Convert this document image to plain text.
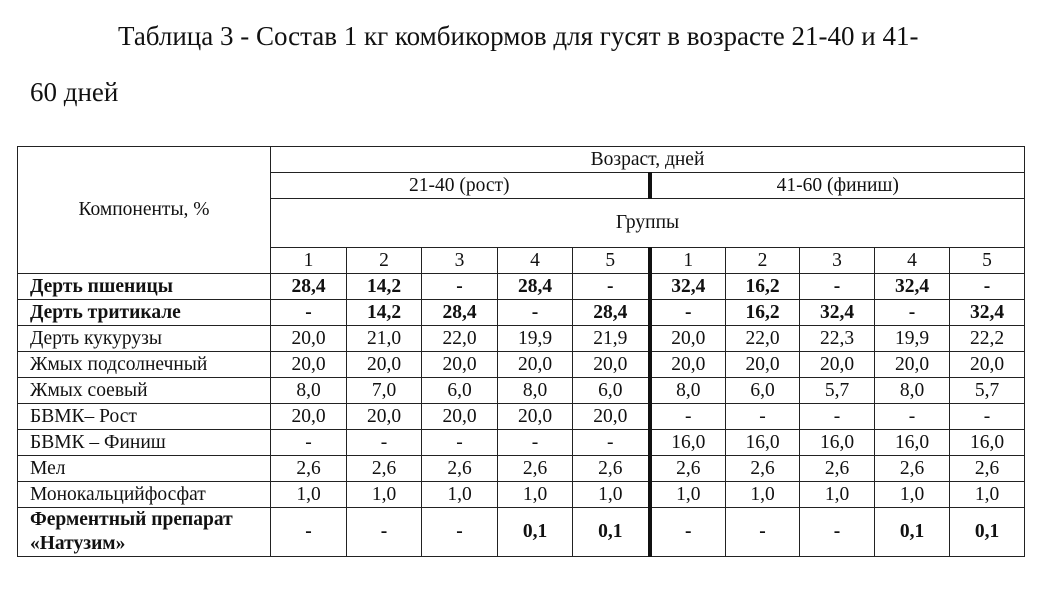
Таблица 3 - Состав 1 кг комбикормов для гусят в возрасте 21-40 и 41-
60 дней
Компоненты, %	Возраст, дней									
	21-40 (рост)					41-60 (финиш)				
	Группы									
	1	2	3	4	5	1	2	3	4	5
Дерть пшеницы	28,4	14,2	-	28,4	-	32,4	16,2	-	32,4	-
Дерть тритикале	-	14,2	28,4	-	28,4	-	16,2	32,4	-	32,4
Дерть кукурузы	20,0	21,0	22,0	19,9	21,9	20,0	22,0	22,3	19,9	22,2
Жмых подсолнечный	20,0	20,0	20,0	20,0	20,0	20,0	20,0	20,0	20,0	20,0
Жмых соевый	8,0	7,0	6,0	8,0	6,0	8,0	6,0	5,7	8,0	5,7
БВМК– Рост	20,0	20,0	20,0	20,0	20,0	-	-	-	-	-
БВМК – Финиш	-	-	-	-	-	16,0	16,0	16,0	16,0	16,0
Мел	2,6	2,6	2,6	2,6	2,6	2,6	2,6	2,6	2,6	2,6
Монокальцийфосфат	1,0	1,0	1,0	1,0	1,0	1,0	1,0	1,0	1,0	1,0
Ферментный препарат «Натузим»	-	-	-	0,1	0,1	-	-	-	0,1	0,1
